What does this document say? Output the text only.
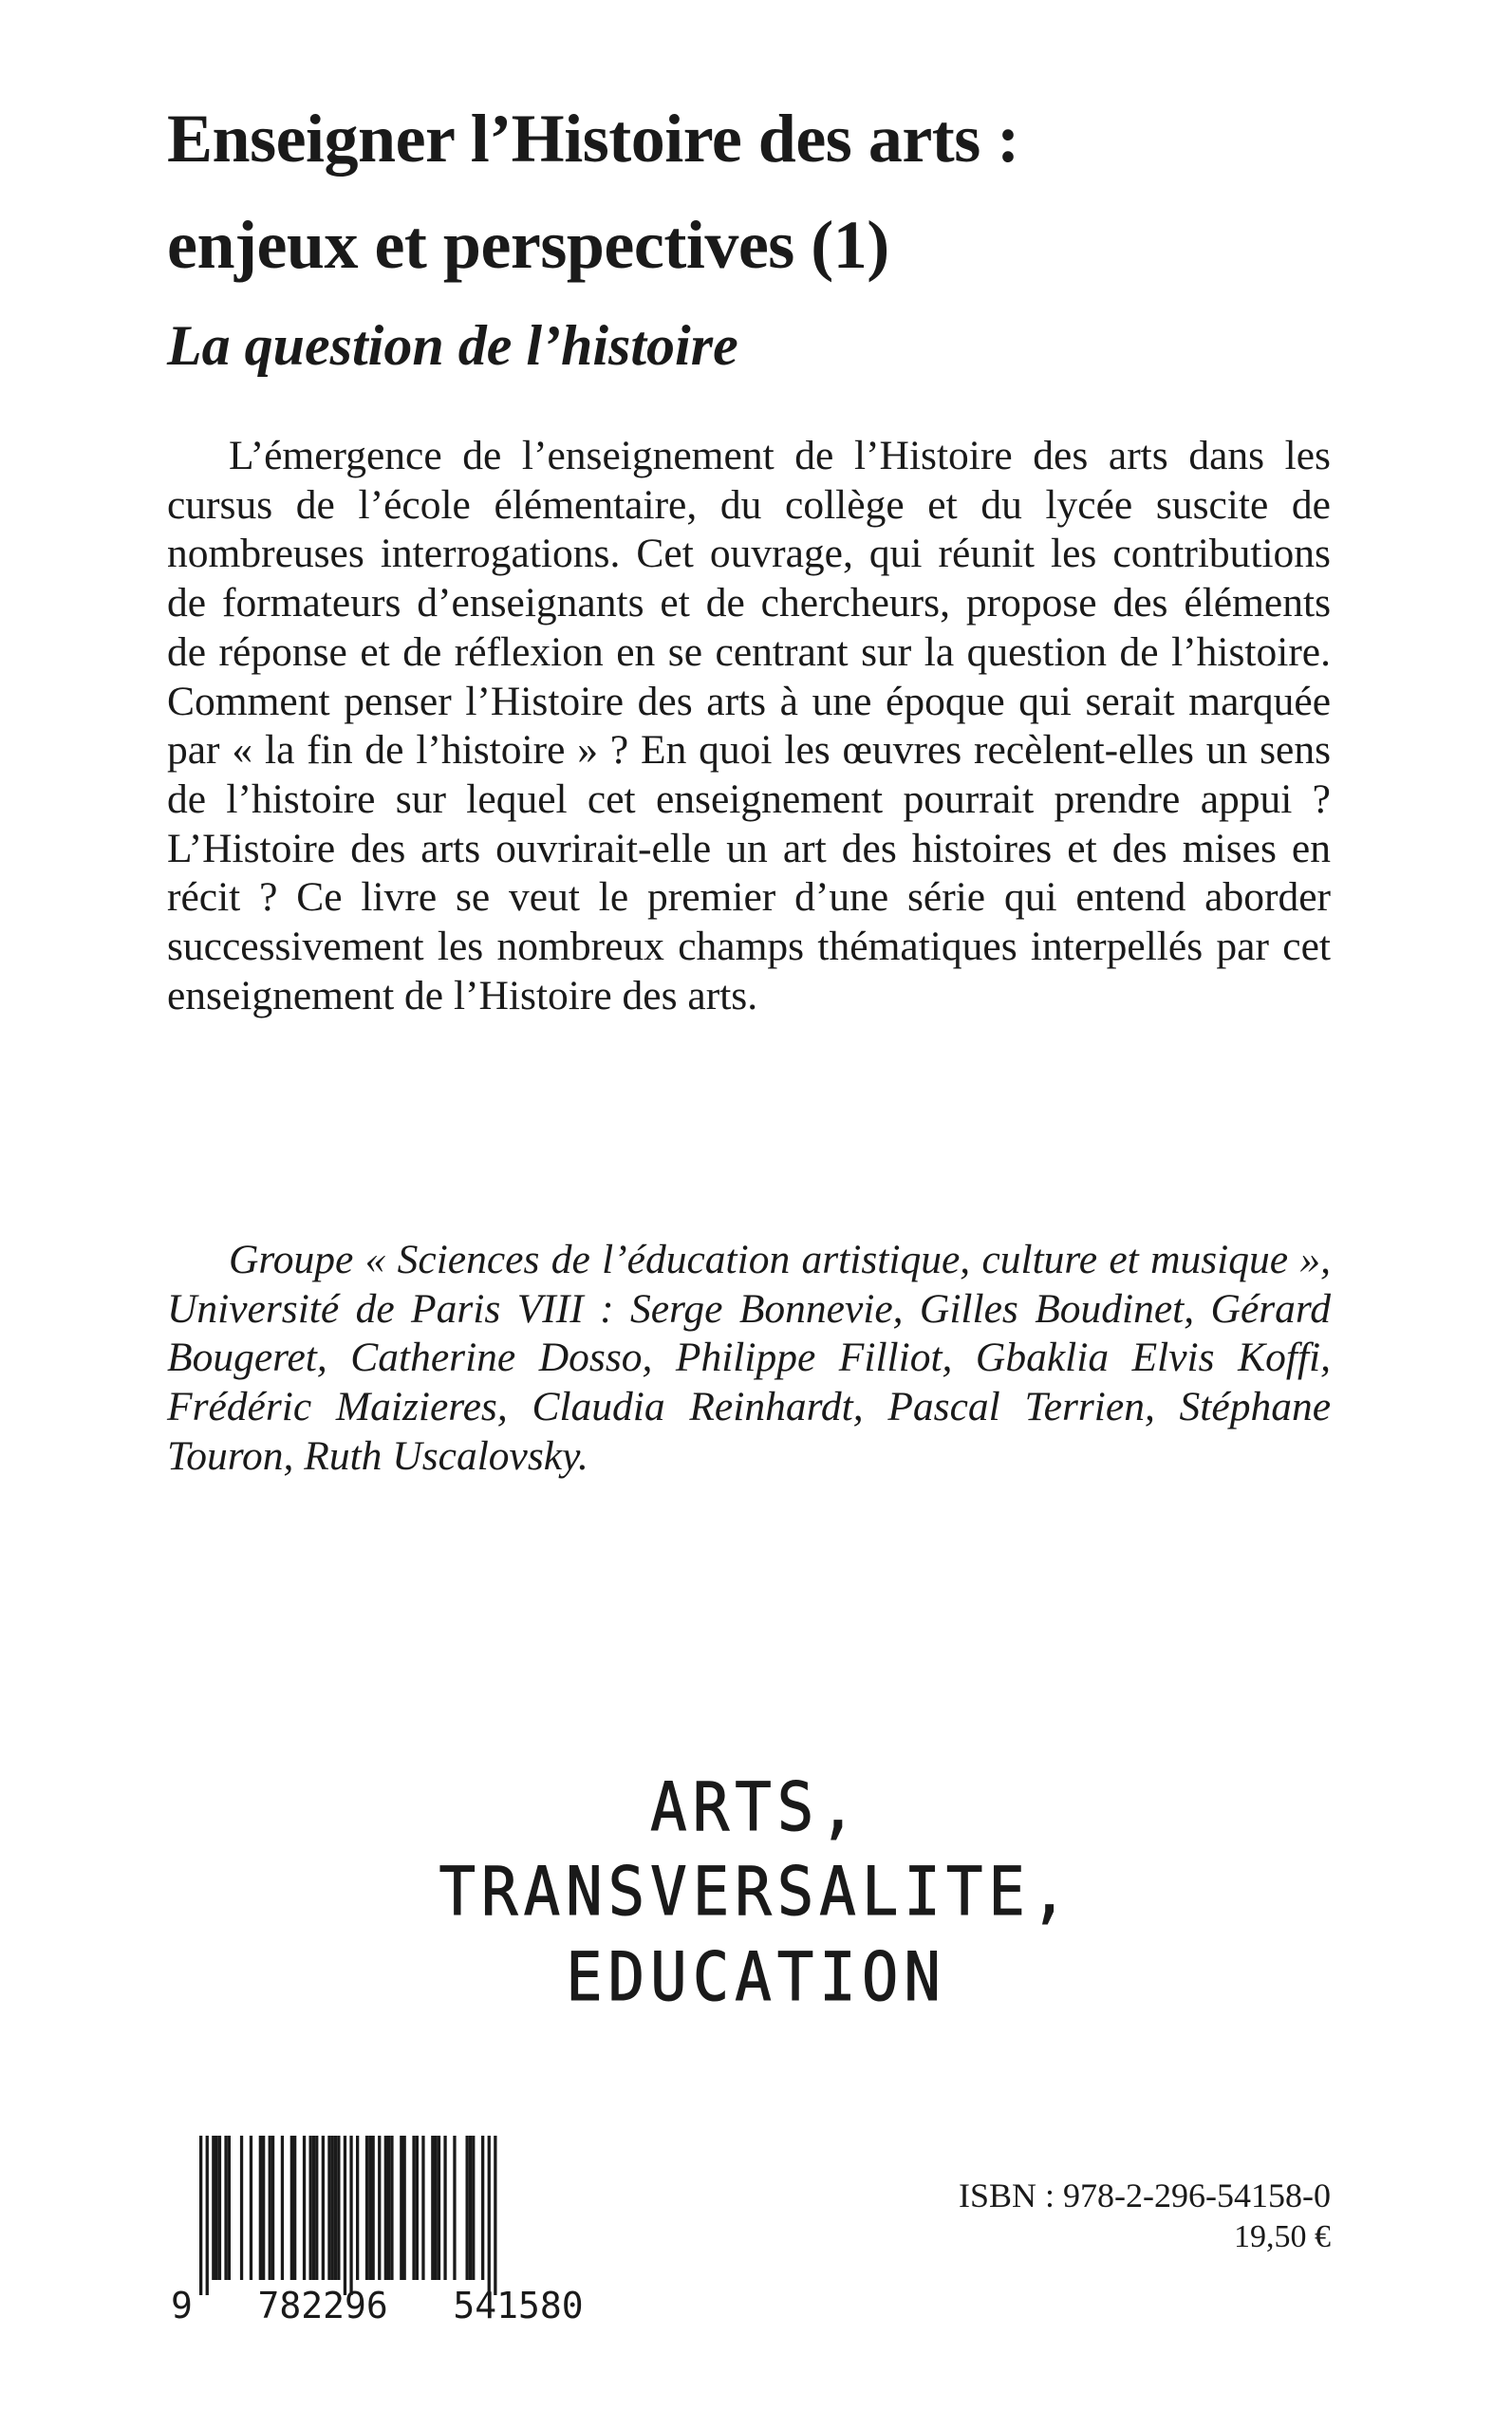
Enseigner l’Histoire des arts :
enjeux et perspectives (1)
La question de l’histoire

L’émergence de l’enseignement de l’Histoire des arts dans les cursus de l’école élémentaire, du collège et du lycée suscite de nombreuses interrogations. Cet ouvrage, qui réunit les contributions de formateurs d’enseignants et de chercheurs, propose des éléments de réponse et de réflexion en se centrant sur la question de l’histoire. Comment penser l’Histoire des arts à une époque qui serait marquée par « la fin de l’histoire » ? En quoi les œuvres recèlent-elles un sens de l’histoire sur lequel cet enseignement pourrait prendre appui ? L’Histoire des arts ouvrirait-elle un art des histoires et des mises en récit ? Ce livre se veut le premier d’une série qui entend aborder successivement les nombreux champs thématiques interpellés par cet enseignement de l’Histoire des arts.

Groupe « Sciences de l’éducation artistique, culture et musique », Université de Paris VIII : Serge Bonnevie, Gilles Boudinet, Gérard Bougeret, Catherine Dosso, Philippe Filliot, Gbaklia Elvis Koffi, Frédéric Maizieres, Claudia Reinhardt, Pascal Terrien, Stéphane Touron, Ruth Uscalovsky.

ARTS,
TRANSVERSALITE,
EDUCATION
9   782296   541580

ISBN : 978-2-296-54158-0

19,50 €
